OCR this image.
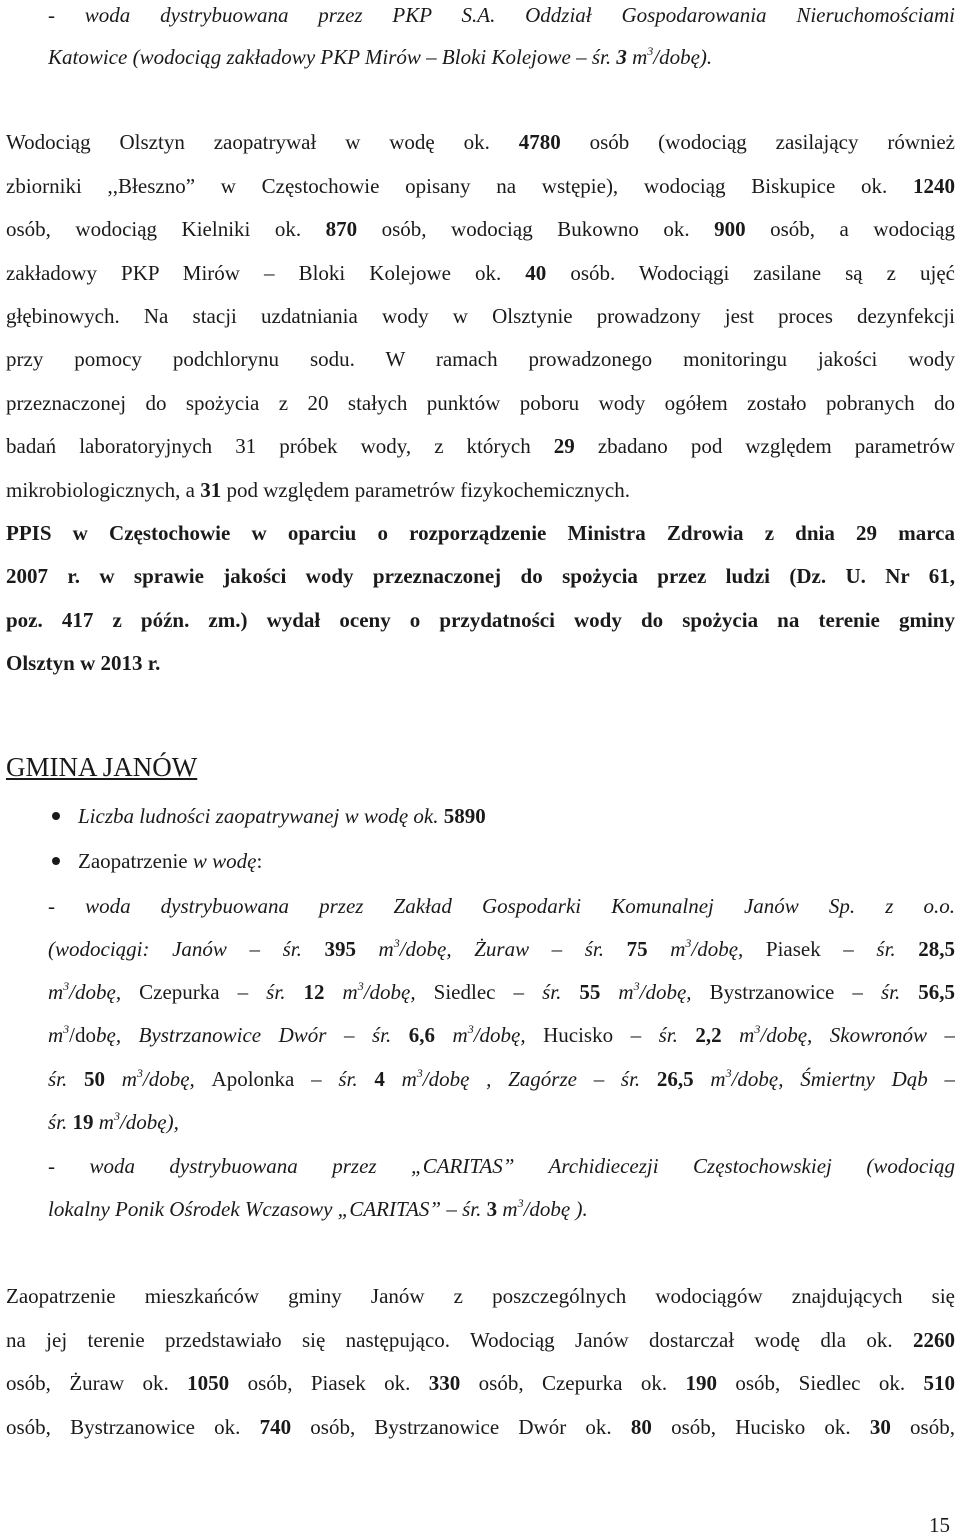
- woda dystrybuowana przez PKP S.A. Oddział Gospodarowania Nieruchomościami
Katowice (wodociąg zakładowy PKP Mirów – Bloki Kolejowe – śr. 3 $m^3/dobę$).
Wodociąg Olsztyn zaopatrywał w wodę ok. 4780 osób (wodociąg zasilający również
zbiorniki ,,Błeszno” w Częstochowie opisany na wstępie), wodociąg Biskupice ok. 1240
osób, wodociąg Kielniki ok. 870 osób, wodociąg Bukowno ok. 900 osób, a wodociąg
zakładowy PKP Mirów – Bloki Kolejowe ok. 40 osób. Wodociągi zasilane są z ujęć
głębinowych. Na stacji uzdatniania wody w Olsztynie prowadzony jest proces dezynfekcji
przy pomocy podchlorynu sodu. W ramach prowadzonego monitoringu jakości wody
przeznaczonej do spożycia z 20 stałych punktów poboru wody ogółem zostało pobranych do
badań laboratoryjnych 31 próbek wody, z których 29 zbadano pod względem parametrów
mikrobiologicznych, a 31 pod względem parametrów fizykochemicznych.
PPIS w Częstochowie w oparciu o rozporządzenie Ministra Zdrowia z dnia 29 marca
2007 r. w sprawie jakości wody przeznaczonej do spożycia przez ludzi (Dz. U. Nr 61,
poz. 417 z późn. zm.) wydał oceny o przydatności wody do spożycia na terenie gminy
Olsztyn w 2013 r.
GMINA JANÓW
Liczba ludności zaopatrywanej w wodę ok. 5890
Zaopatrzenie w wodę:
- woda dystrybuowana przez Zakład Gospodarki Komunalnej Janów Sp. z o.o.
(wodociągi: Janów – śr. 395 $m^3$/dobę, Żuraw – śr. 75 $m^3$/dobę, Piasek – śr. 28,5
$m^3$/dobę, Czepurka – śr. 12 $m^3$/dobę, Siedlec – śr. 55 $m^3$/dobę, Bystrzanowice – śr. 56,5
$m^3$/dobę, Bystrzanowice Dwór – śr. 6,6 $m^3$/dobę, Hucisko – śr. 2,2 $m^3$/dobę, Skowronów –
śr. 50 $m^3$/dobę, Apolonka – śr. 4 $m^3$/dobę , Zagórze – śr. 26,5 $m^3$/dobę, Śmiertny Dąb –
śr. 19 $m^3/dobę$),
- woda dystrybuowana przez „CARITAS” Archidiecezji Częstochowskiej (wodociąg
lokalny Ponik Ośrodek Wczasowy „CARITAS” – śr. 3 $m^3$/dobę ).
Zaopatrzenie mieszkańców gminy Janów z poszczególnych wodociągów znajdujących się
na jej terenie przedstawiało się następująco. Wodociąg Janów dostarczał wodę dla ok. 2260
osób, Żuraw ok. 1050 osób, Piasek ok. 330 osób, Czepurka ok. 190 osób, Siedlec ok. 510
osób, Bystrzanowice ok. 740 osób, Bystrzanowice Dwór ok. 80 osób, Hucisko ok. 30 osób,
15
